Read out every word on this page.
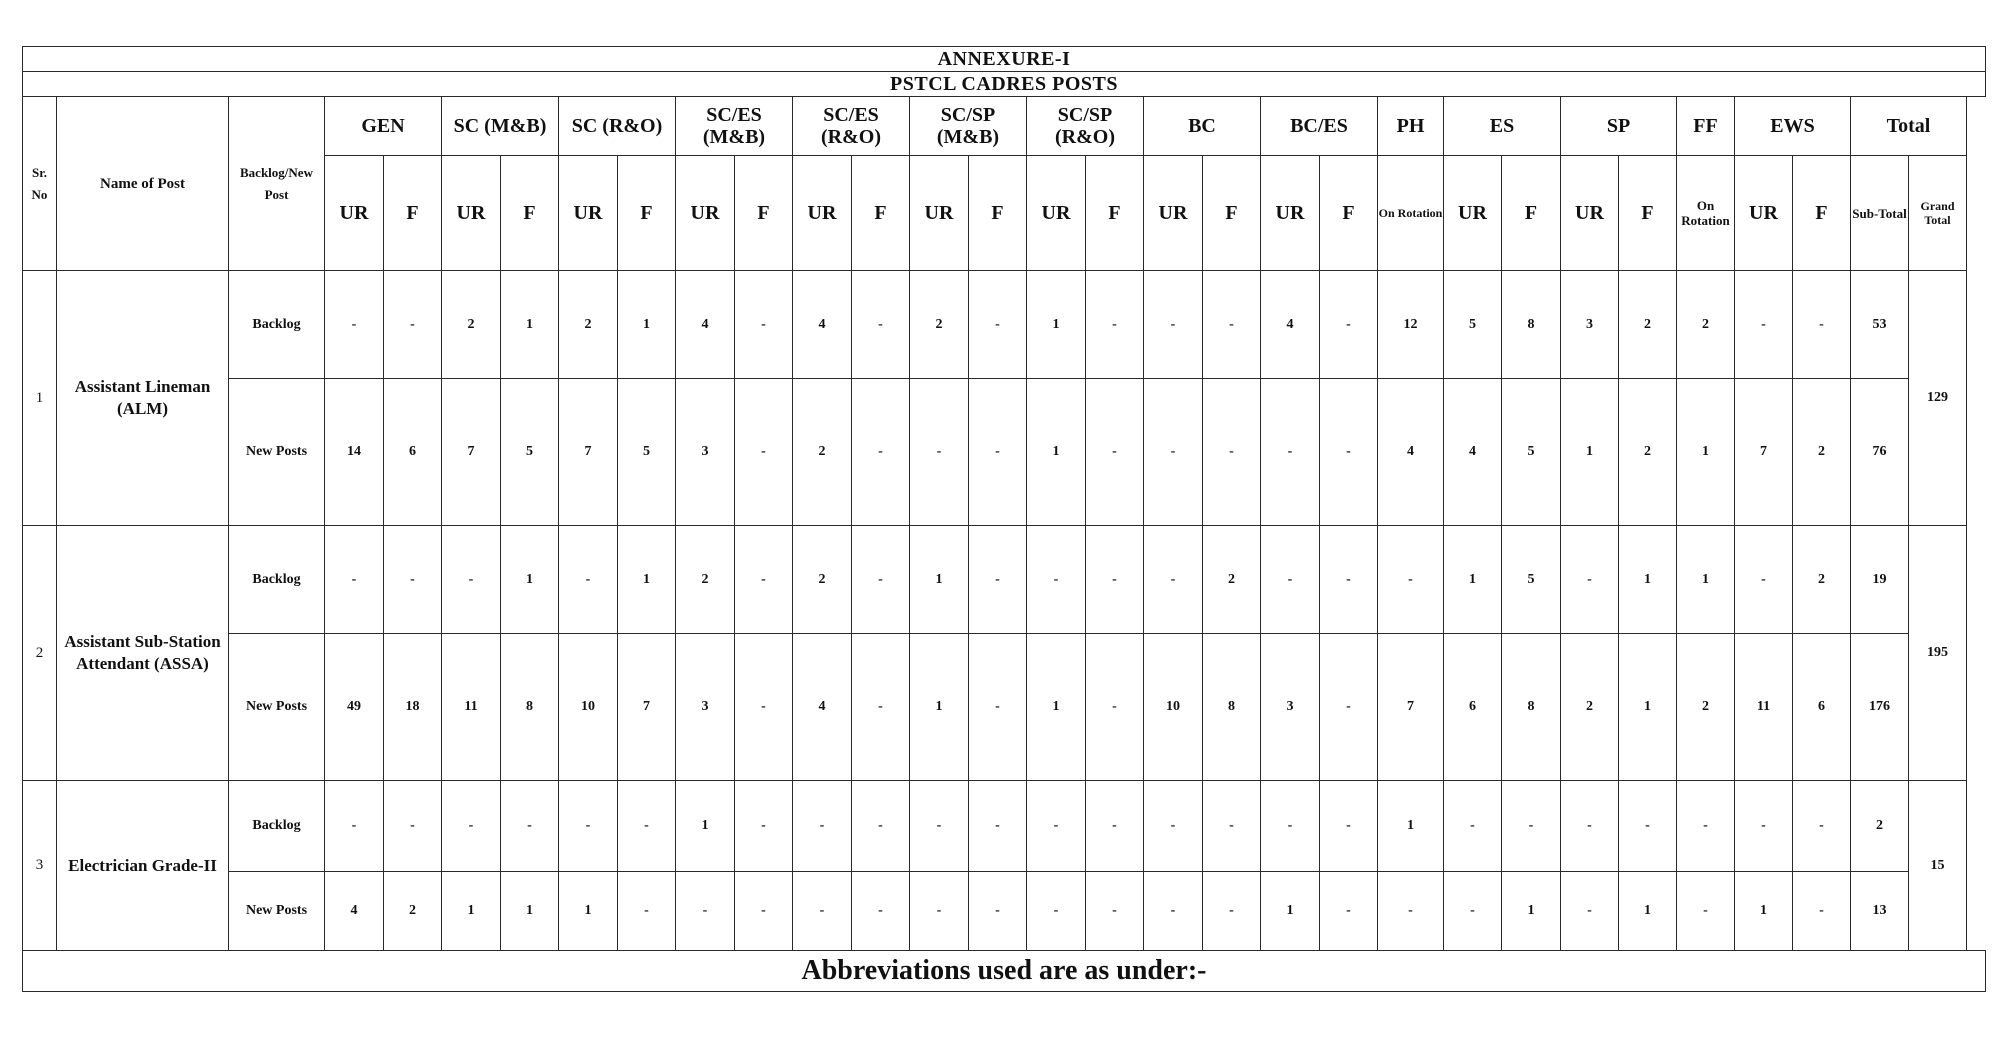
ANNEXURE-I																														
PSTCL CADRES POSTS																														
Sr. No	Name of Post	Backlog/New Post	GEN		SC (M&B)		SC (R&O)		SC/ES (M&B)		SC/ES (R&O)		SC/SP (M&B)		SC/SP (R&O)		BC		BC/ES		PH	ES		SP		FF	EWS		Total	
			UR	F	UR	F	UR	F	UR	F	UR	F	UR	F	UR	F	UR	F	UR	F	On Rotation	UR	F	UR	F	On Rotation	UR	F	Sub-Total	Grand Total
1	Assistant Lineman (ALM)	Backlog	-	-	2	1	2	1	4	-	4	-	2	-	1	-	-	-	4	-	12	5	8	3	2	2	-	-	53	129
		New Posts	14	6	7	5	7	5	3	-	2	-	-	-	1	-	-	-	-	-	4	4	5	1	2	1	7	2	76	
2	Assistant Sub-Station Attendant (ASSA)	Backlog	-	-	-	1	-	1	2	-	2	-	1	-	-	-	-	2	-	-	-	1	5	-	1	1	-	2	19	195
		New Posts	49	18	11	8	10	7	3	-	4	-	1	-	1	-	10	8	3	-	7	6	8	2	1	2	11	6	176	
3	Electrician Grade-II	Backlog	-	-	-	-	-	-	1	-	-	-	-	-	-	-	-	-	-	-	1	-	-	-	-	-	-	-	2	15
		New Posts	4	2	1	1	1	-	-	-	-	-	-	-	-	-	-	-	1	-	-	-	1	-	1	-	1	-	13	
Abbreviations used are as under:-																														
